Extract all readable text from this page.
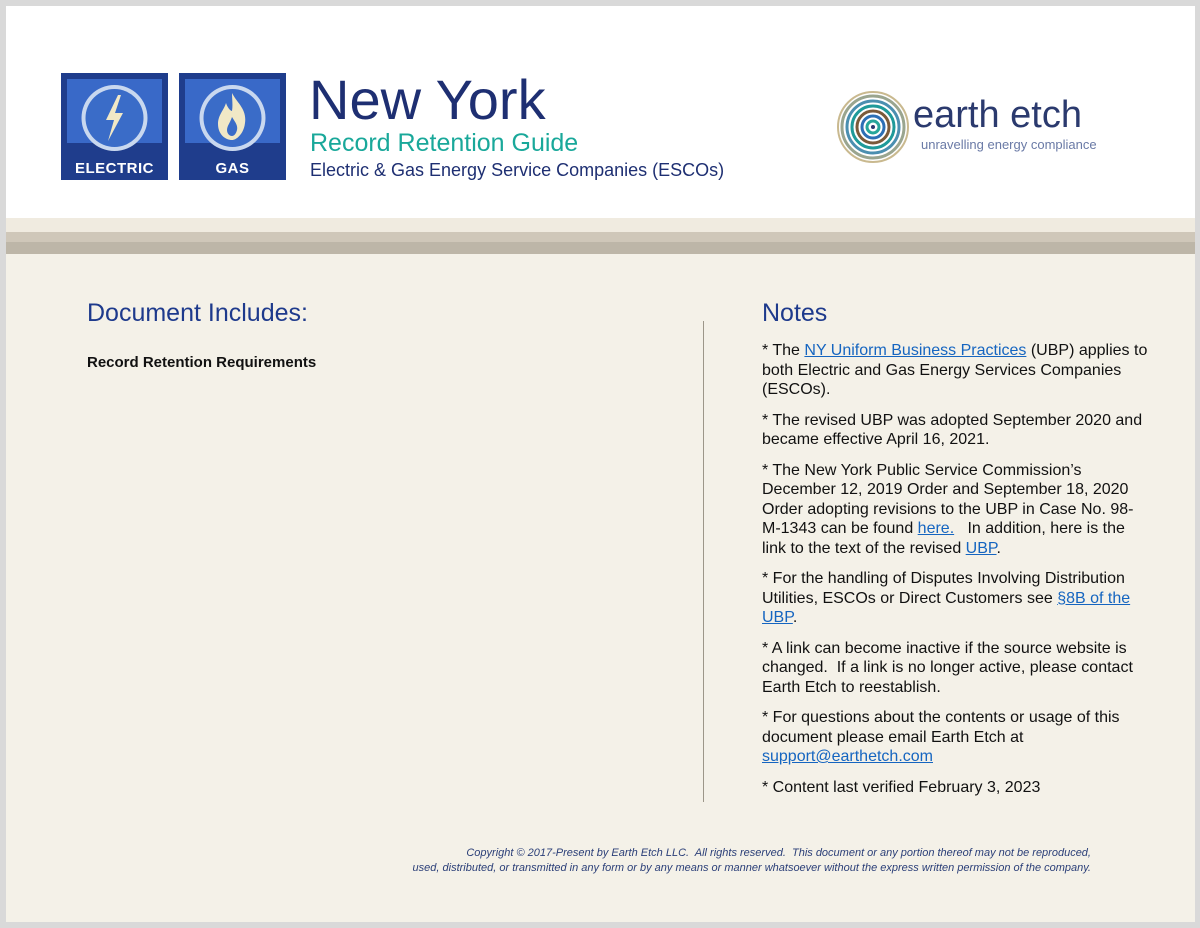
ELECTRIC	GAS
New York
Record Retention Guide
Electric & Gas Energy Service Companies (ESCOs)
earth etch
unravelling energy compliance
Document Includes:
Record Retention Requirements
Notes

* The NY Uniform Business Practices (UBP) applies to both Electric and Gas Energy Services Companies (ESCOs).

* The revised UBP was adopted September 2020 and became effective April 16, 2021.

* The New York Public Service Commission’s December 12, 2019 Order and September 18, 2020 Order adopting revisions to the UBP in Case No. 98-M-1343 can be found here.   In addition, here is the link to the text of the revised UBP.

* For the handling of Disputes Involving Distribution Utilities, ESCOs or Direct Customers see §8B of the UBP.

* A link can become inactive if the source website is changed.  If a link is no longer active, please contact Earth Etch to reestablish.

* For questions about the contents or usage of this document please email Earth Etch at support@earthetch.com

* Content last verified February 3, 2023

Copyright © 2017-Present by Earth Etch LLC.  All rights reserved.  This document or any portion thereof may not be reproduced,
used, distributed, or transmitted in any form or by any means or manner whatsoever without the express written permission of the company.
